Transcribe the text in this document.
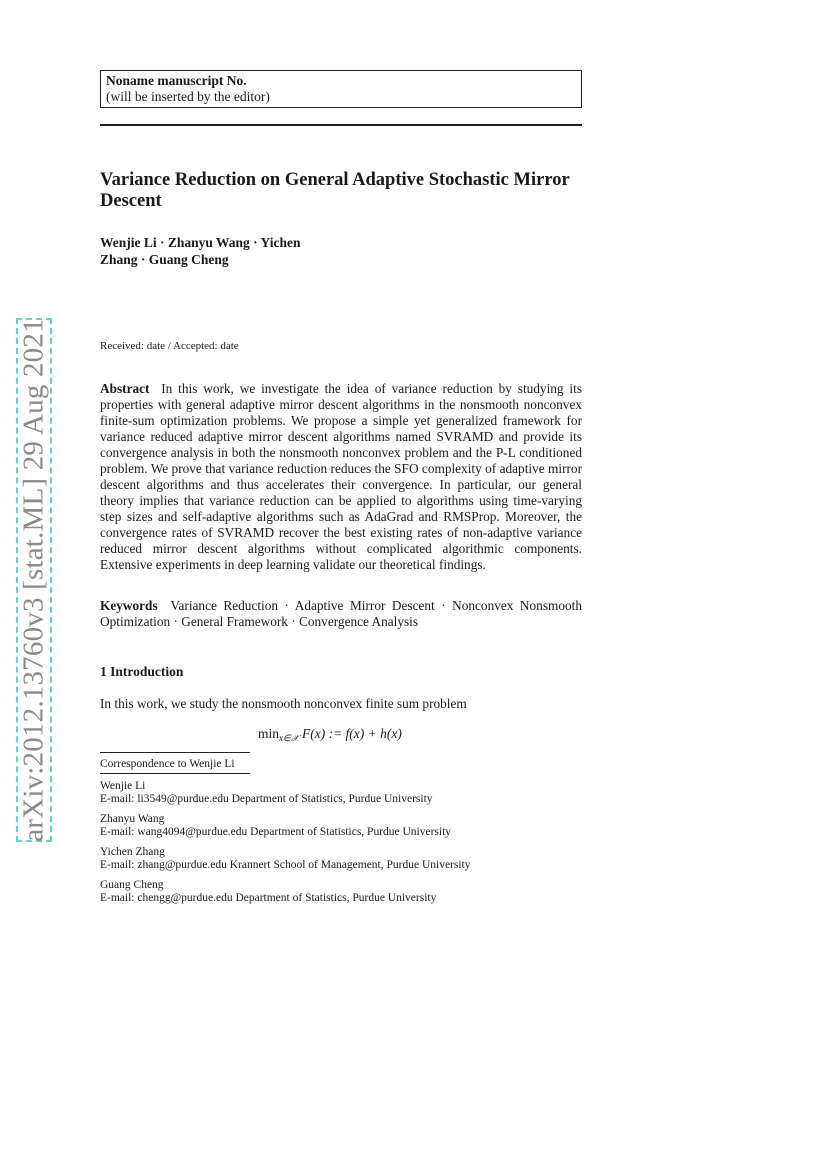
arXiv:2012.13760v3 [stat.ML] 29 Aug 2021
Noname manuscript No.
(will be inserted by the editor)
Variance Reduction on General Adaptive Stochastic Mirror Descent
Wenjie Li · Zhanyu Wang · Yichen
Zhang · Guang Cheng
Received: date / Accepted: date
Abstract In this work, we investigate the idea of variance reduction by studying its properties with general adaptive mirror descent algorithms in the nonsmooth nonconvex finite-sum optimization problems. We propose a simple yet generalized framework for variance reduced adaptive mirror descent algorithms named SVRAMD and provide its convergence analysis in both the nonsmooth nonconvex problem and the P-L conditioned problem. We prove that variance reduction reduces the SFO complexity of adaptive mirror descent algorithms and thus accelerates their convergence. In particular, our general theory implies that variance reduction can be applied to algorithms using time-varying step sizes and self-adaptive algorithms such as AdaGrad and RMSProp. Moreover, the convergence rates of SVRAMD recover the best existing rates of non-adaptive variance reduced mirror descent algorithms without complicated algorithmic components. Extensive experiments in deep learning validate our theoretical findings.
Keywords Variance Reduction · Adaptive Mirror Descent · Nonconvex Nonsmooth Optimization · General Framework · Convergence Analysis
1 Introduction
In this work, we study the nonsmooth nonconvex finite sum problem
$\min_{x\in 𝒳} F(x)$ := f(x) + h(x)
Correspondence to Wenjie Li
Wenjie Li
E-mail: li3549@purdue.edu Department of Statistics, Purdue University
Zhanyu Wang
E-mail: wang4094@purdue.edu Department of Statistics, Purdue University
Yichen Zhang
E-mail: zhang@purdue.edu Krannert School of Management, Purdue University
Guang Cheng
E-mail: chengg@purdue.edu Department of Statistics, Purdue University
